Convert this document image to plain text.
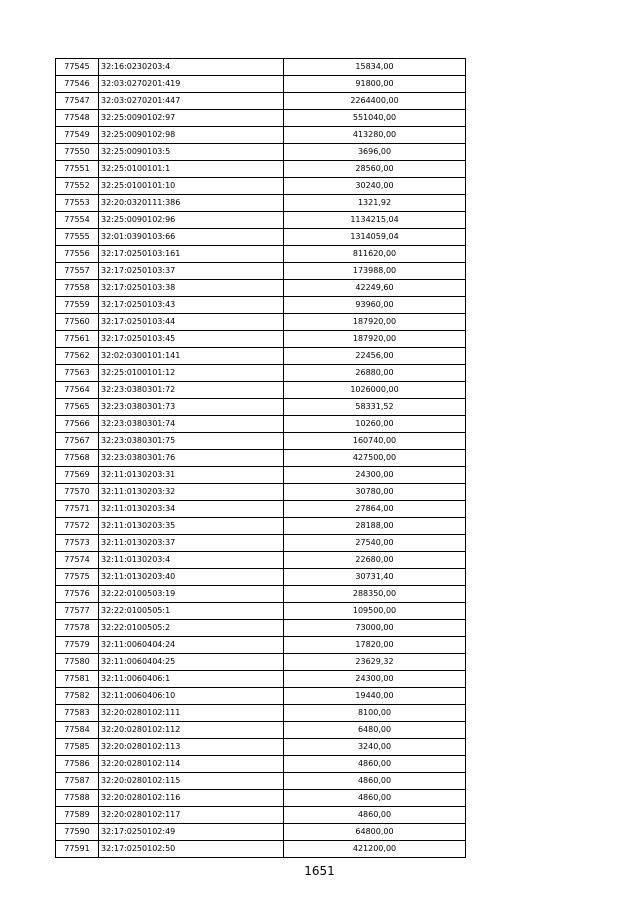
77545	32:16:0230203:4	15834,00
77546	32:03:0270201:419	91800,00
77547	32:03:0270201:447	2264400,00
77548	32:25:0090102:97	551040,00
77549	32:25:0090102:98	413280,00
77550	32:25:0090103:5	3696,00
77551	32:25:0100101:1	28560,00
77552	32:25:0100101:10	30240,00
77553	32:20:0320111:386	1321,92
77554	32:25:0090102:96	1134215,04
77555	32:01:0390103:66	1314059,04
77556	32:17:0250103:161	811620,00
77557	32:17:0250103:37	173988,00
77558	32:17:0250103:38	42249,60
77559	32:17:0250103:43	93960,00
77560	32:17:0250103:44	187920,00
77561	32:17:0250103:45	187920,00
77562	32:02:0300101:141	22456,00
77563	32:25:0100101:12	26880,00
77564	32:23:0380301:72	1026000,00
77565	32:23:0380301:73	58331,52
77566	32:23:0380301:74	10260,00
77567	32:23:0380301:75	160740,00
77568	32:23:0380301:76	427500,00
77569	32:11:0130203:31	24300,00
77570	32:11:0130203:32	30780,00
77571	32:11:0130203:34	27864,00
77572	32:11:0130203:35	28188,00
77573	32:11:0130203:37	27540,00
77574	32:11:0130203:4	22680,00
77575	32:11:0130203:40	30731,40
77576	32:22:0100503:19	288350,00
77577	32:22:0100505:1	109500,00
77578	32:22:0100505:2	73000,00
77579	32:11:0060404:24	17820,00
77580	32:11:0060404:25	23629,32
77581	32:11:0060406:1	24300,00
77582	32:11:0060406:10	19440,00
77583	32:20:0280102:111	8100,00
77584	32:20:0280102:112	6480,00
77585	32:20:0280102:113	3240,00
77586	32:20:0280102:114	4860,00
77587	32:20:0280102:115	4860,00
77588	32:20:0280102:116	4860,00
77589	32:20:0280102:117	4860,00
77590	32:17:0250102:49	64800,00
77591	32:17:0250102:50	421200,00
1651
